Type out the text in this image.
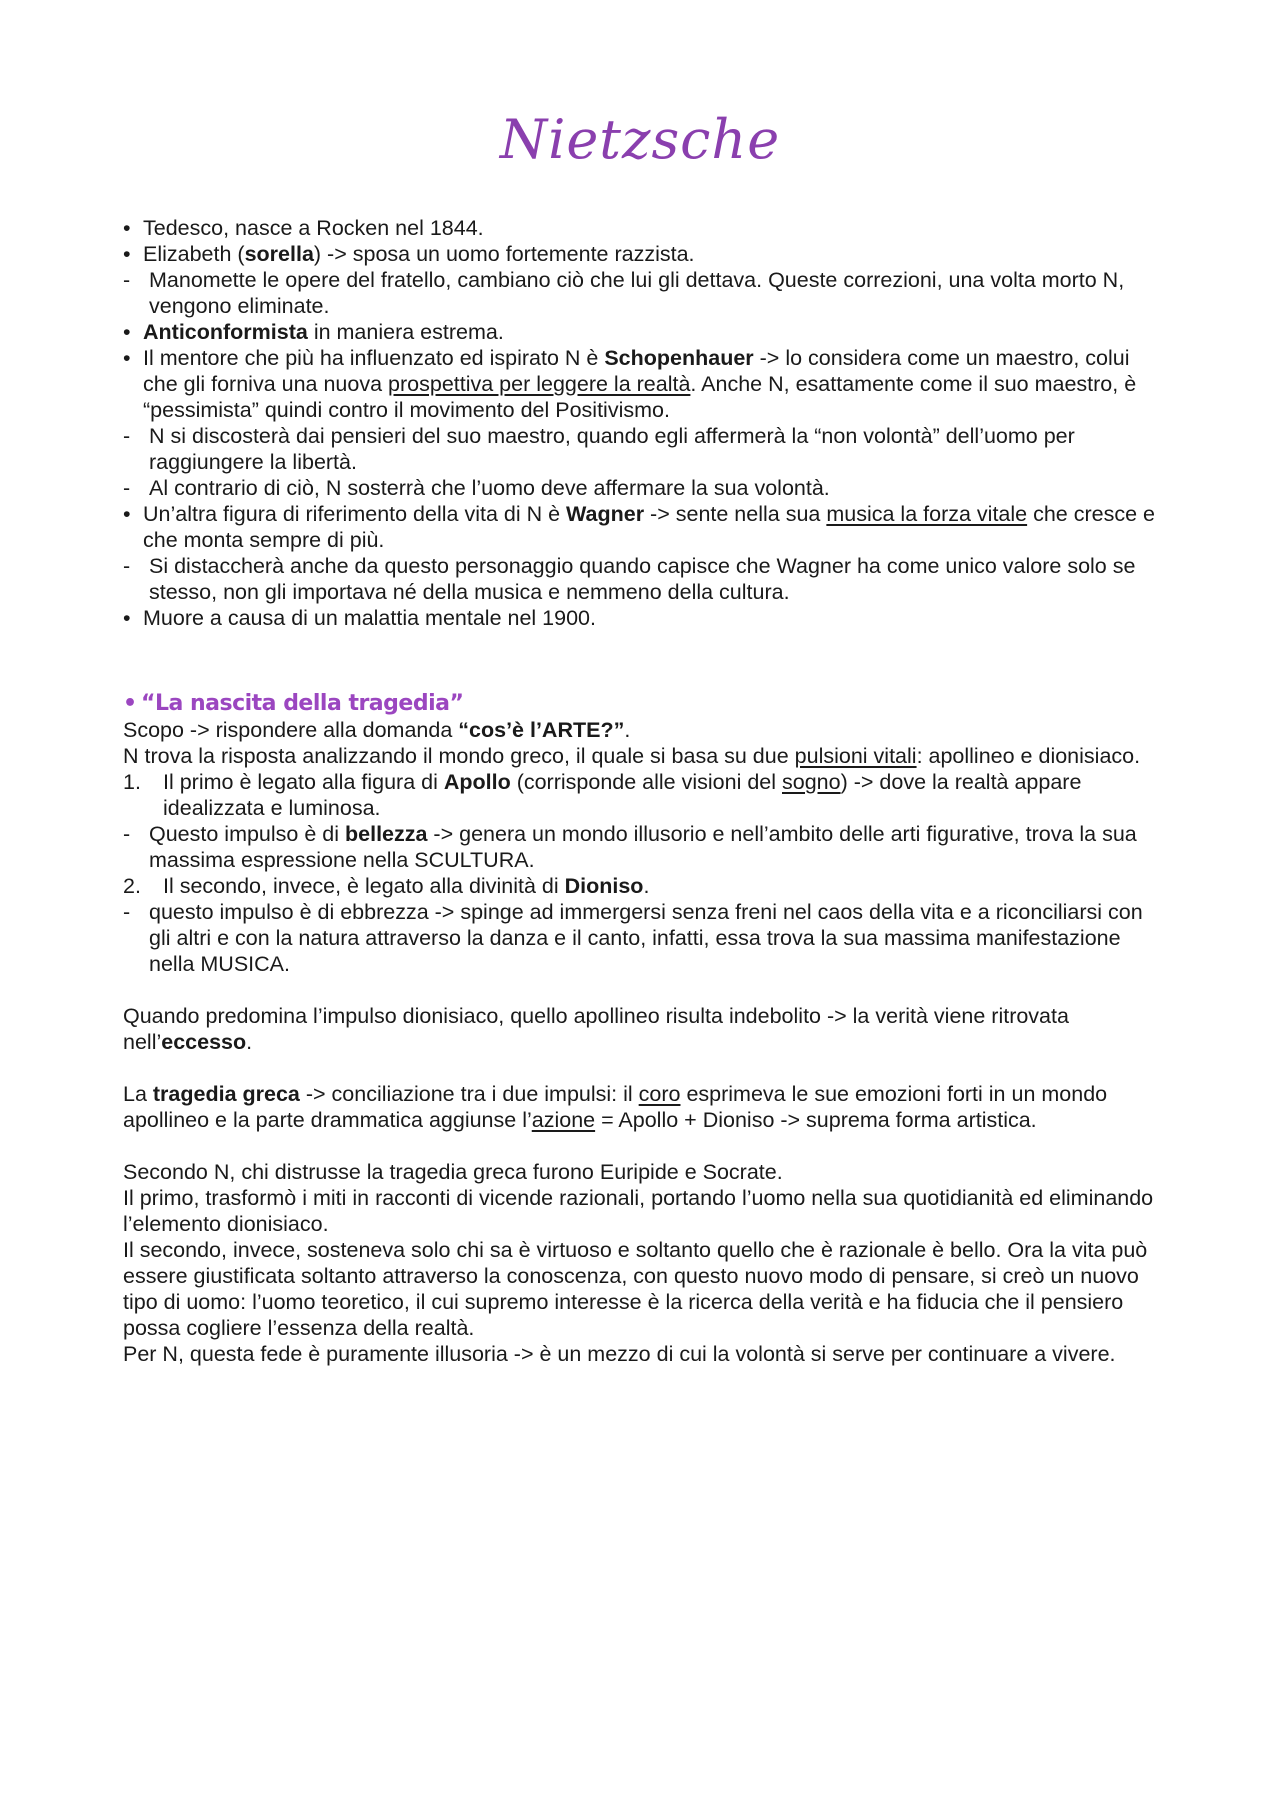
Nietzsche
• Tedesco, nasce a Rocken nel 1844.
• Elizabeth (sorella) -> sposa un uomo fortemente razzista.
- Manomette le opere del fratello, cambiano ciò che lui gli dettava. Queste correzioni, una volta morto N, vengono eliminate.
• Anticonformista in maniera estrema.
• Il mentore che più ha influenzato ed ispirato N è Schopenhauer -> lo considera come un maestro, colui che gli forniva una nuova prospettiva per leggere la realtà. Anche N, esattamente come il suo maestro, è “pessimista” quindi contro il movimento del Positivismo.
- N si discosterà dai pensieri del suo maestro, quando egli affermerà la “non volontà” dell’uomo per raggiungere la libertà.
- Al contrario di ciò, N sosterrà che l’uomo deve affermare la sua volontà.
• Un’altra figura di riferimento della vita di N è Wagner -> sente nella sua musica la forza vitale che cresce e che monta sempre di più.
- Si distaccherà anche da questo personaggio quando capisce che Wagner ha come unico valore solo se stesso, non gli importava né della musica e nemmeno della cultura.
• Muore a causa di un malattia mentale nel 1900.
• “La nascita della tragedia”
Scopo -> rispondere alla domanda “cos’è l’ARTE?”.
N trova la risposta analizzando il mondo greco, il quale si basa su due pulsioni vitali: apollineo e dionisiaco.
1. Il primo è legato alla figura di Apollo (corrisponde alle visioni del sogno) -> dove la realtà appare idealizzata e luminosa.
- Questo impulso è di bellezza -> genera un mondo illusorio e nell’ambito delle arti figurative, trova la sua massima espressione nella SCULTURA.
2. Il secondo, invece, è legato alla divinità di Dioniso.
- questo impulso è di ebbrezza -> spinge ad immergersi senza freni nel caos della vita e a riconciliarsi con gli altri e con la natura attraverso la danza e il canto, infatti, essa trova la sua massima manifestazione nella MUSICA.
Quando predomina l’impulso dionisiaco, quello apollineo risulta indebolito -> la verità viene ritrovata nell’eccesso.
La tragedia greca -> conciliazione tra i due impulsi: il coro esprimeva le sue emozioni forti in un mondo apollineo e la parte drammatica aggiunse l’azione = Apollo + Dioniso -> suprema forma artistica.
Secondo N, chi distrusse la tragedia greca furono Euripide e Socrate.
Il primo, trasformò i miti in racconti di vicende razionali, portando l’uomo nella sua quotidianità ed eliminando l’elemento dionisiaco.
Il secondo, invece, sosteneva solo chi sa è virtuoso e soltanto quello che è razionale è bello. Ora la vita può essere giustificata soltanto attraverso la conoscenza, con questo nuovo modo di pensare, si creò un nuovo tipo di uomo: l’uomo teoretico, il cui supremo interesse è la ricerca della verità e ha fiducia che il pensiero possa cogliere l’essenza della realtà.
Per N, questa fede è puramente illusoria -> è un mezzo di cui la volontà si serve per continuare a vivere.
